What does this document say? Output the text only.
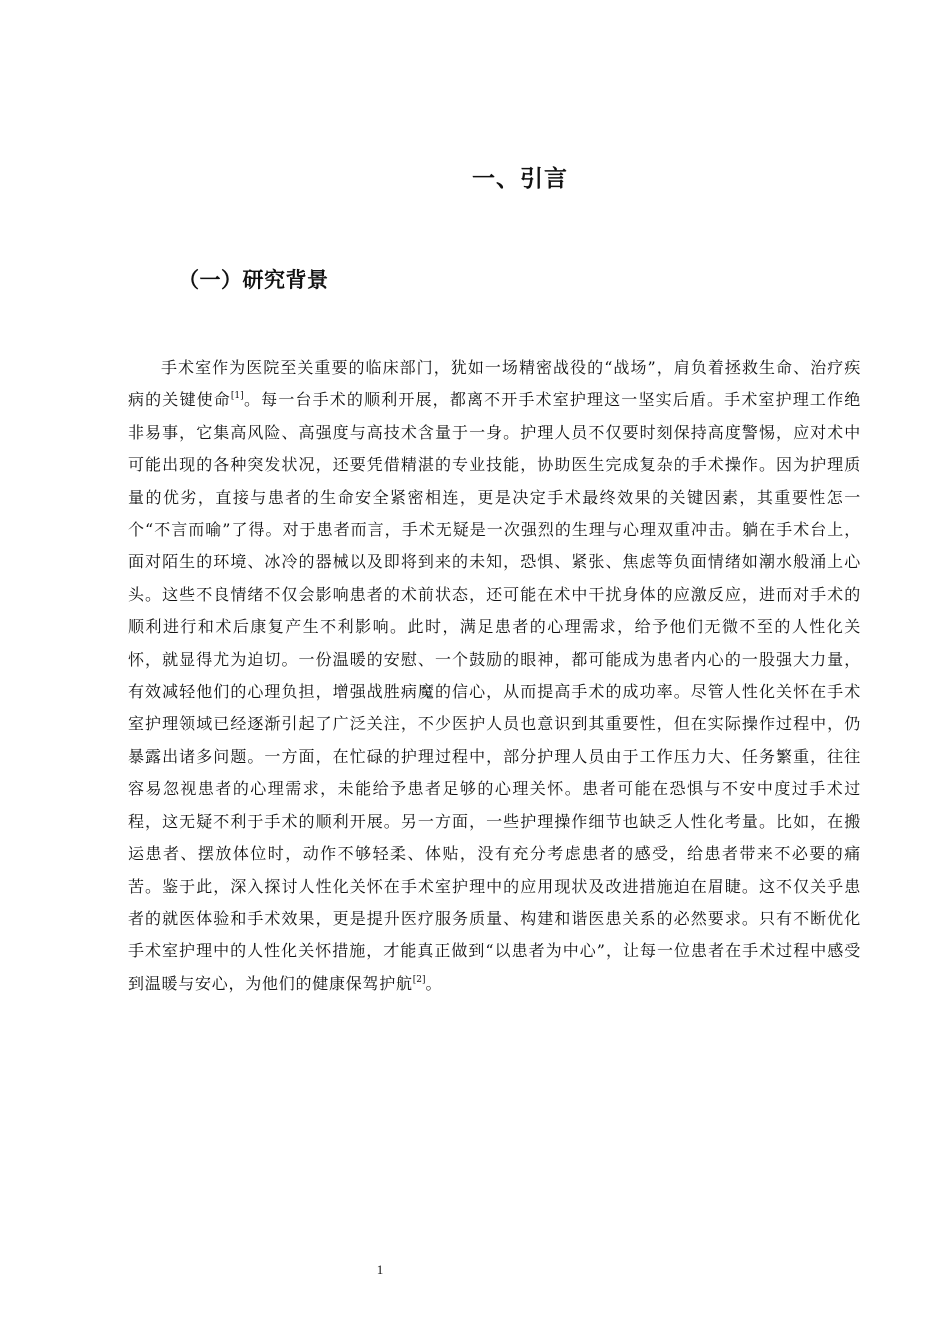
一、引言
（一）研究背景

手术室作为医院至关重要的临床部门，犹如一场精密战役的“战场”，肩负着拯救生命、治疗疾病的关键使命[1]。每一台手术的顺利开展，都离不开手术室护理这一坚实后盾。手术室护理工作绝非易事，它集高风险、高强度与高技术含量于一身。护理人员不仅要时刻保持高度警惕，应对术中可能出现的各种突发状况，还要凭借精湛的专业技能，协助医生完成复杂的手术操作。因为护理质量的优劣，直接与患者的生命安全紧密相连，更是决定手术最终效果的关键因素，其重要性怎一个“不言而喻”了得。对于患者而言，手术无疑是一次强烈的生理与心理双重冲击。躺在手术台上，面对陌生的环境、冰冷的器械以及即将到来的未知，恐惧、紧张、焦虑等负面情绪如潮水般涌上心头。这些不良情绪不仅会影响患者的术前状态，还可能在术中干扰身体的应激反应，进而对手术的顺利进行和术后康复产生不利影响。此时，满足患者的心理需求，给予他们无微不至的人性化关怀，就显得尤为迫切。一份温暖的安慰、一个鼓励的眼神，都可能成为患者内心的一股强大力量，有效减轻他们的心理负担，增强战胜病魔的信心，从而提高手术的成功率。尽管人性化关怀在手术室护理领域已经逐渐引起了广泛关注，不少医护人员也意识到其重要性，但在实际操作过程中，仍暴露出诸多问题。一方面，在忙碌的护理过程中，部分护理人员由于工作压力大、任务繁重，往往容易忽视患者的心理需求，未能给予患者足够的心理关怀。患者可能在恐惧与不安中度过手术过程，这无疑不利于手术的顺利开展。另一方面，一些护理操作细节也缺乏人性化考量。比如，在搬运患者、摆放体位时，动作不够轻柔、体贴，没有充分考虑患者的感受，给患者带来不必要的痛苦。鉴于此，深入探讨人性化关怀在手术室护理中的应用现状及改进措施迫在眉睫。这不仅关乎患者的就医体验和手术效果，更是提升医疗服务质量、构建和谐医患关系的必然要求。只有不断优化手术室护理中的人性化关怀措施，才能真正做到“以患者为中心”，让每一位患者在手术过程中感受到温暖与安心，为他们的健康保驾护航[2]。

1
